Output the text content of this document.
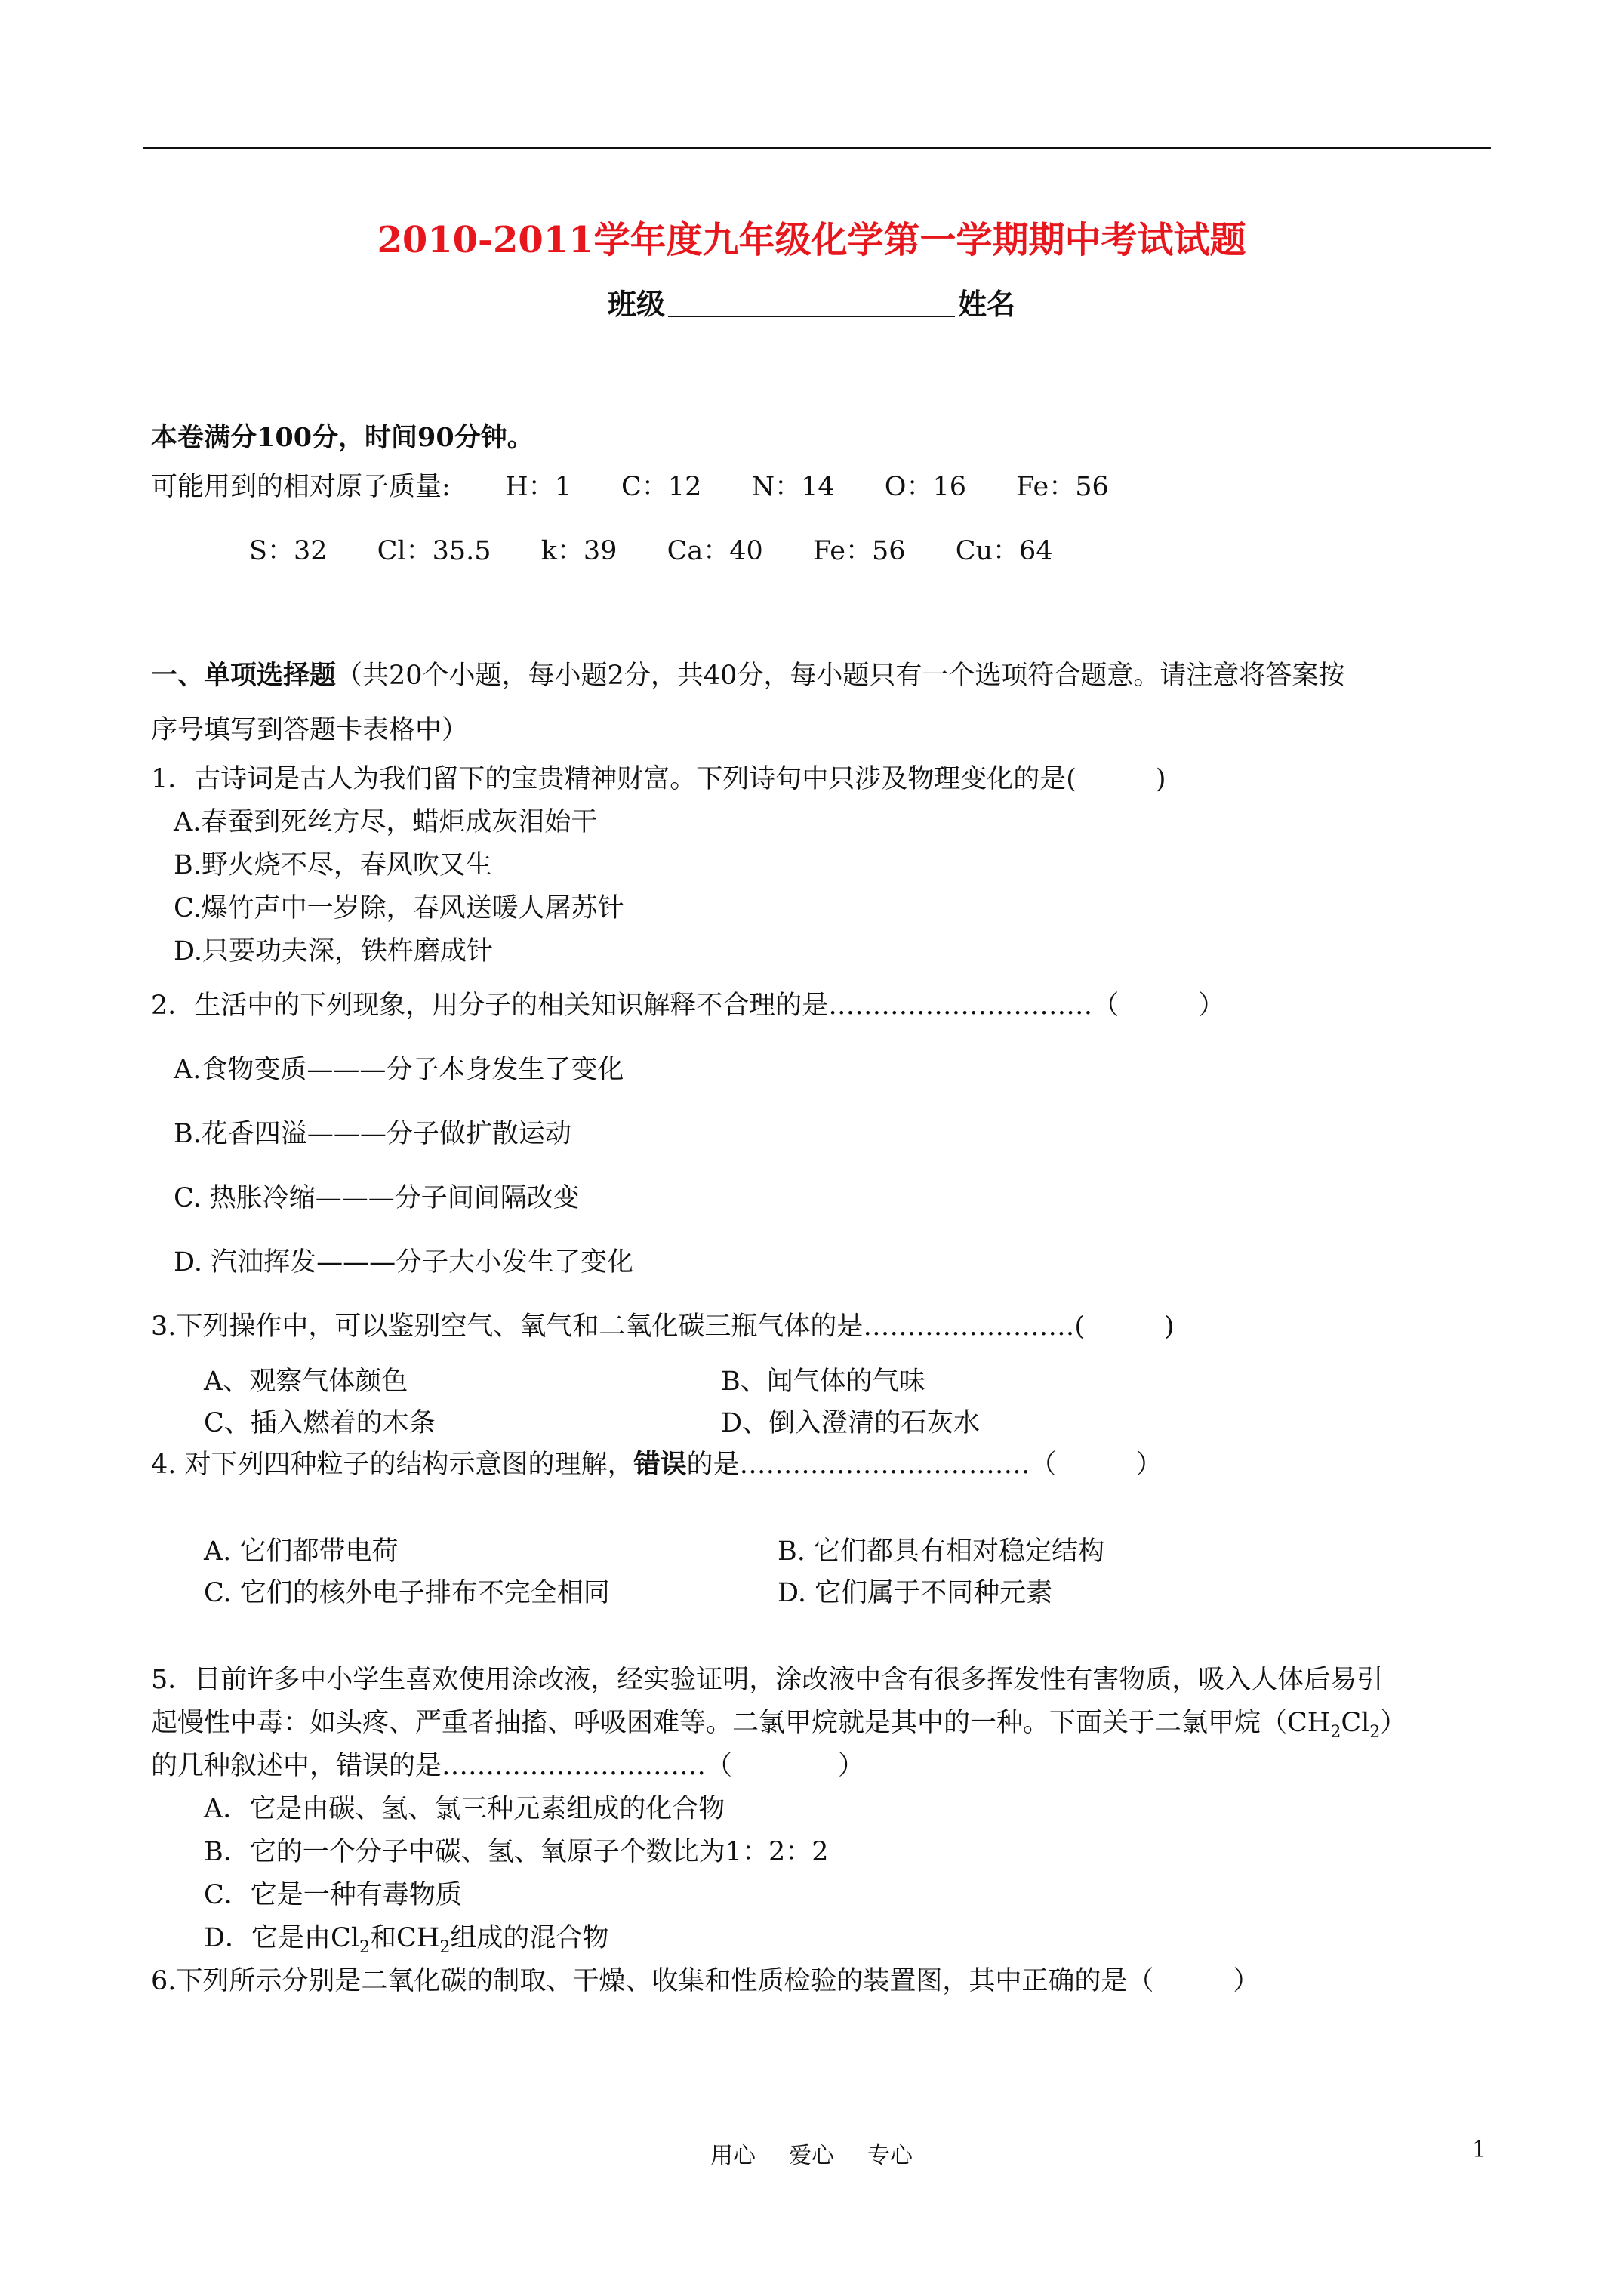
2010-2011学年度九年级化学第一学期期中考试试题
班级	姓名
本卷满分100分，时间90分钟。
可能用到的相对原子质量: H：1 C：12 N：14 O：16 Fe：56
S：32 Cl：35.5 k：39 Ca：40 Fe：56 Cu：64
一、单项选择题（共20个小题，每小题2分，共40分，每小题只有一个选项符合题意。请注意将答案按
序号填写到答题卡表格中）
1．古诗词是古人为我们留下的宝贵精神财富。下列诗句中只涉及物理变化的是(　　　)
A.春蚕到死丝方尽，蜡炬成灰泪始干
B.野火烧不尽，春风吹又生
C.爆竹声中一岁除，春风送暖人屠苏针
D.只要功夫深，铁杵磨成针
2．生活中的下列现象，用分子的相关知识解释不合理的是…………………………（　　　）
A.食物变质———分子本身发生了变化
B.花香四溢———分子做扩散运动
C. 热胀冷缩———分子间间隔改变
D. 汽油挥发———分子大小发生了变化
3.下列操作中，可以鉴别空气、氧气和二氧化碳三瓶气体的是……………………(　　　)
A、观察气体颜色	B、闻气体的气味
C、插入燃着的木条	D、倒入澄清的石灰水
4. 对下列四种粒子的结构示意图的理解，错误的是……………………………（　　　）
A. 它们都带电荷	B. 它们都具有相对稳定结构
C. 它们的核外电子排布不完全相同	D. 它们属于不同种元素
5．目前许多中小学生喜欢使用涂改液，经实验证明，涂改液中含有很多挥发性有害物质，吸入人体后易引
起慢性中毒：如头疼、严重者抽搐、呼吸困难等。二氯甲烷就是其中的一种。下面关于二氯甲烷$(CH_2Cl_2)$
的几种叙述中，错误的是…………………………（　　　　）
A．它是由碳、氢、氯三种元素组成的化合物
B．它的一个分子中碳、氢、氧原子个数比为1：2：2
C．它是一种有毒物质
D．它是由$Cl_2$和$CH_2$组成的混合物
6.下列所示分别是二氧化碳的制取、干燥、收集和性质检验的装置图，其中正确的是（　　　）
用心 爱心 专心	1
